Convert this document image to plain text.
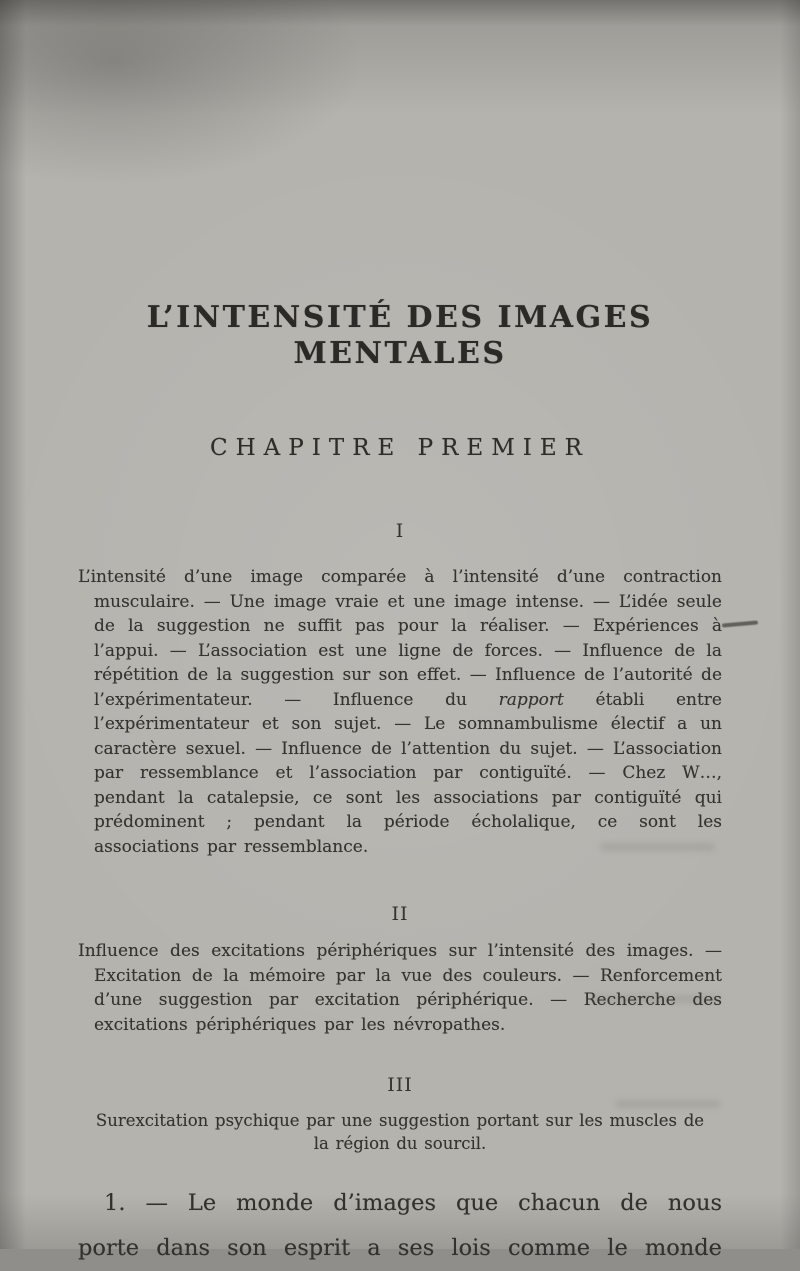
L’INTENSITÉ DES IMAGES MENTALES
CHAPITRE PREMIER
I

L’intensité d’une image comparée à l’intensité d’une contraction musculaire. — Une image vraie et une image intense. — L’idée seule de la suggestion ne suffit pas pour la réaliser. — Expériences à l’appui. — L’association est une ligne de forces. — Influence de la répétition de la suggestion sur son effet. — Influence de l’autorité de l’expérimentateur. — Influence du rapport établi entre l’expérimentateur et son sujet. — Le somnambulisme électif a un caractère sexuel. — Influence de l’attention du sujet. — L’association par ressemblance et l’association par contiguïté. — Chez W…, pendant la catalepsie, ce sont les associations par contiguïté qui prédominent ; pendant la période écholalique, ce sont les associations par ressemblance.

II

Influence des excitations périphériques sur l’intensité des images. — Excitation de la mémoire par la vue des couleurs. — Renforcement d’une suggestion par excitation périphérique. — Recherche des excitations périphériques par les névropathes.

III

Surexcitation psychique par une suggestion portant sur les muscles de la région du sourcil.

1. — Le monde d’images que chacun de nous porte dans son esprit a ses lois comme le monde
